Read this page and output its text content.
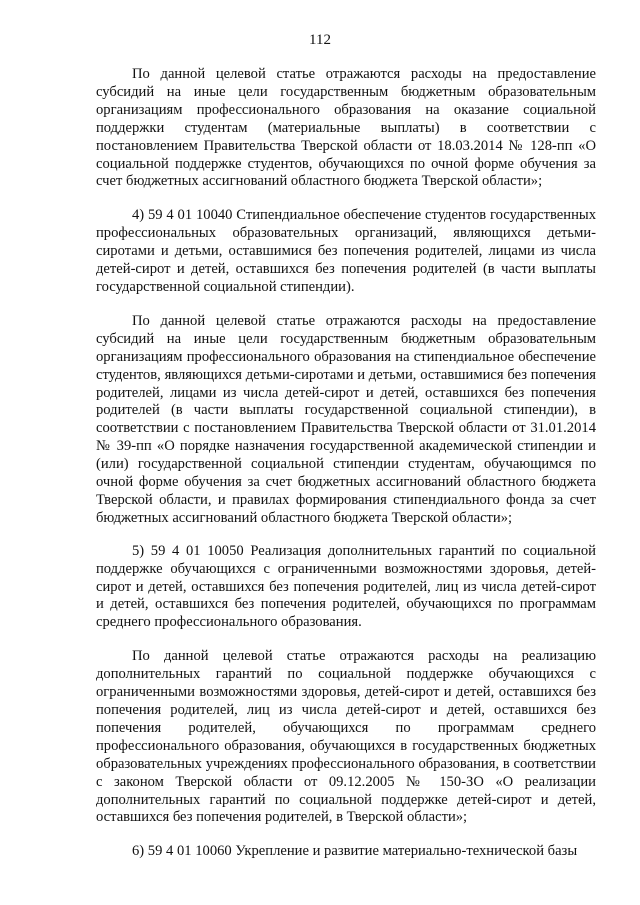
112

По данной целевой статье отражаются расходы на предоставление субсидий на иные цели государственным бюджетным образовательным организациям профессионального образования на оказание социальной поддержки студентам (материальные выплаты) в соответствии с постановлением Правительства Тверской области от 18.03.2014 № 128-пп «О социальной поддержке студентов, обучающихся по очной форме обучения за счет бюджетных ассигнований областного бюджета Тверской области»;

4) 59 4 01 10040 Стипендиальное обеспечение студентов государственных профессиональных образовательных организаций, являющихся детьми-сиротами и детьми, оставшимися без попечения родителей, лицами из числа детей-сирот и детей, оставшихся без попечения родителей (в части выплаты государственной социальной стипендии).

По данной целевой статье отражаются расходы на предоставление субсидий на иные цели государственным бюджетным образовательным организациям профессионального образования на стипендиальное обеспечение студентов, являющихся детьми-сиротами и детьми, оставшимися без попечения родителей, лицами из числа детей-сирот и детей, оставшихся без попечения родителей (в части выплаты государственной социальной стипендии), в соответствии с постановлением Правительства Тверской области от 31.01.2014 № 39-пп «О порядке назначения государственной академической стипендии и (или) государственной социальной стипендии студентам, обучающимся по очной форме обучения за счет бюджетных ассигнований областного бюджета Тверской области, и правилах формирования стипендиального фонда за счет бюджетных ассигнований областного бюджета Тверской области»;

5) 59 4 01 10050 Реализация дополнительных гарантий по социальной поддержке обучающихся с ограниченными возможностями здоровья, детей-сирот и детей, оставшихся без попечения родителей, лиц из числа детей-сирот и детей, оставшихся без попечения родителей, обучающихся по программам среднего профессионального образования.

По данной целевой статье отражаются расходы на реализацию дополнительных гарантий по социальной поддержке обучающихся с ограниченными возможностями здоровья, детей-сирот и детей, оставшихся без попечения родителей, лиц из числа детей-сирот и детей, оставшихся без попечения родителей, обучающихся по программам среднего профессионального образования, обучающихся в государственных бюджетных образовательных учреждениях профессионального образования, в соответствии с законом Тверской области от 09.12.2005 № 150-ЗО «О реализации дополнительных гарантий по социальной поддержке детей-сирот и детей, оставшихся без попечения родителей, в Тверской области»;

6) 59 4 01 10060 Укрепление и развитие материально-технической базы
